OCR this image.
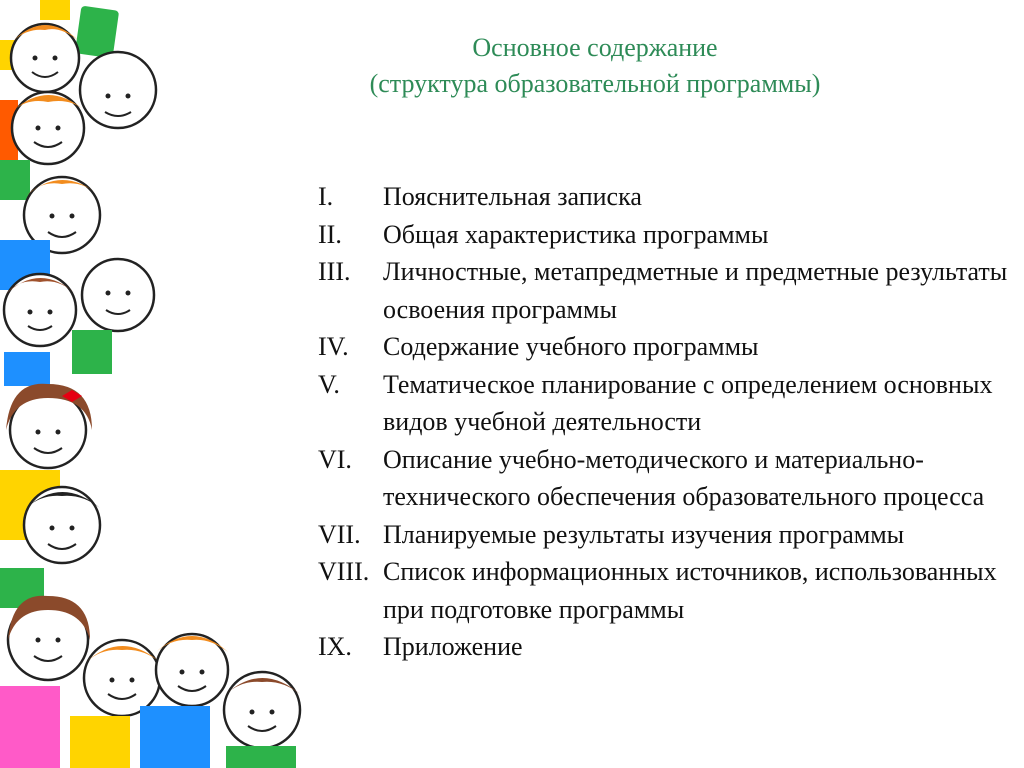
Основное содержание
(структура образовательной программы)
I. Пояснительная записка
II. Общая характеристика программы
III. Личностные, метапредметные и предметные результаты освоения программы
IV. Содержание учебного программы
V. Тематическое планирование с определением основных видов учебной деятельности
VI. Описание учебно-методического и материально-технического обеспечения образовательного процесса
VII. Планируемые результаты изучения программы
VIII. Список информационных источников, использованных при подготовке программы
IX. Приложение
